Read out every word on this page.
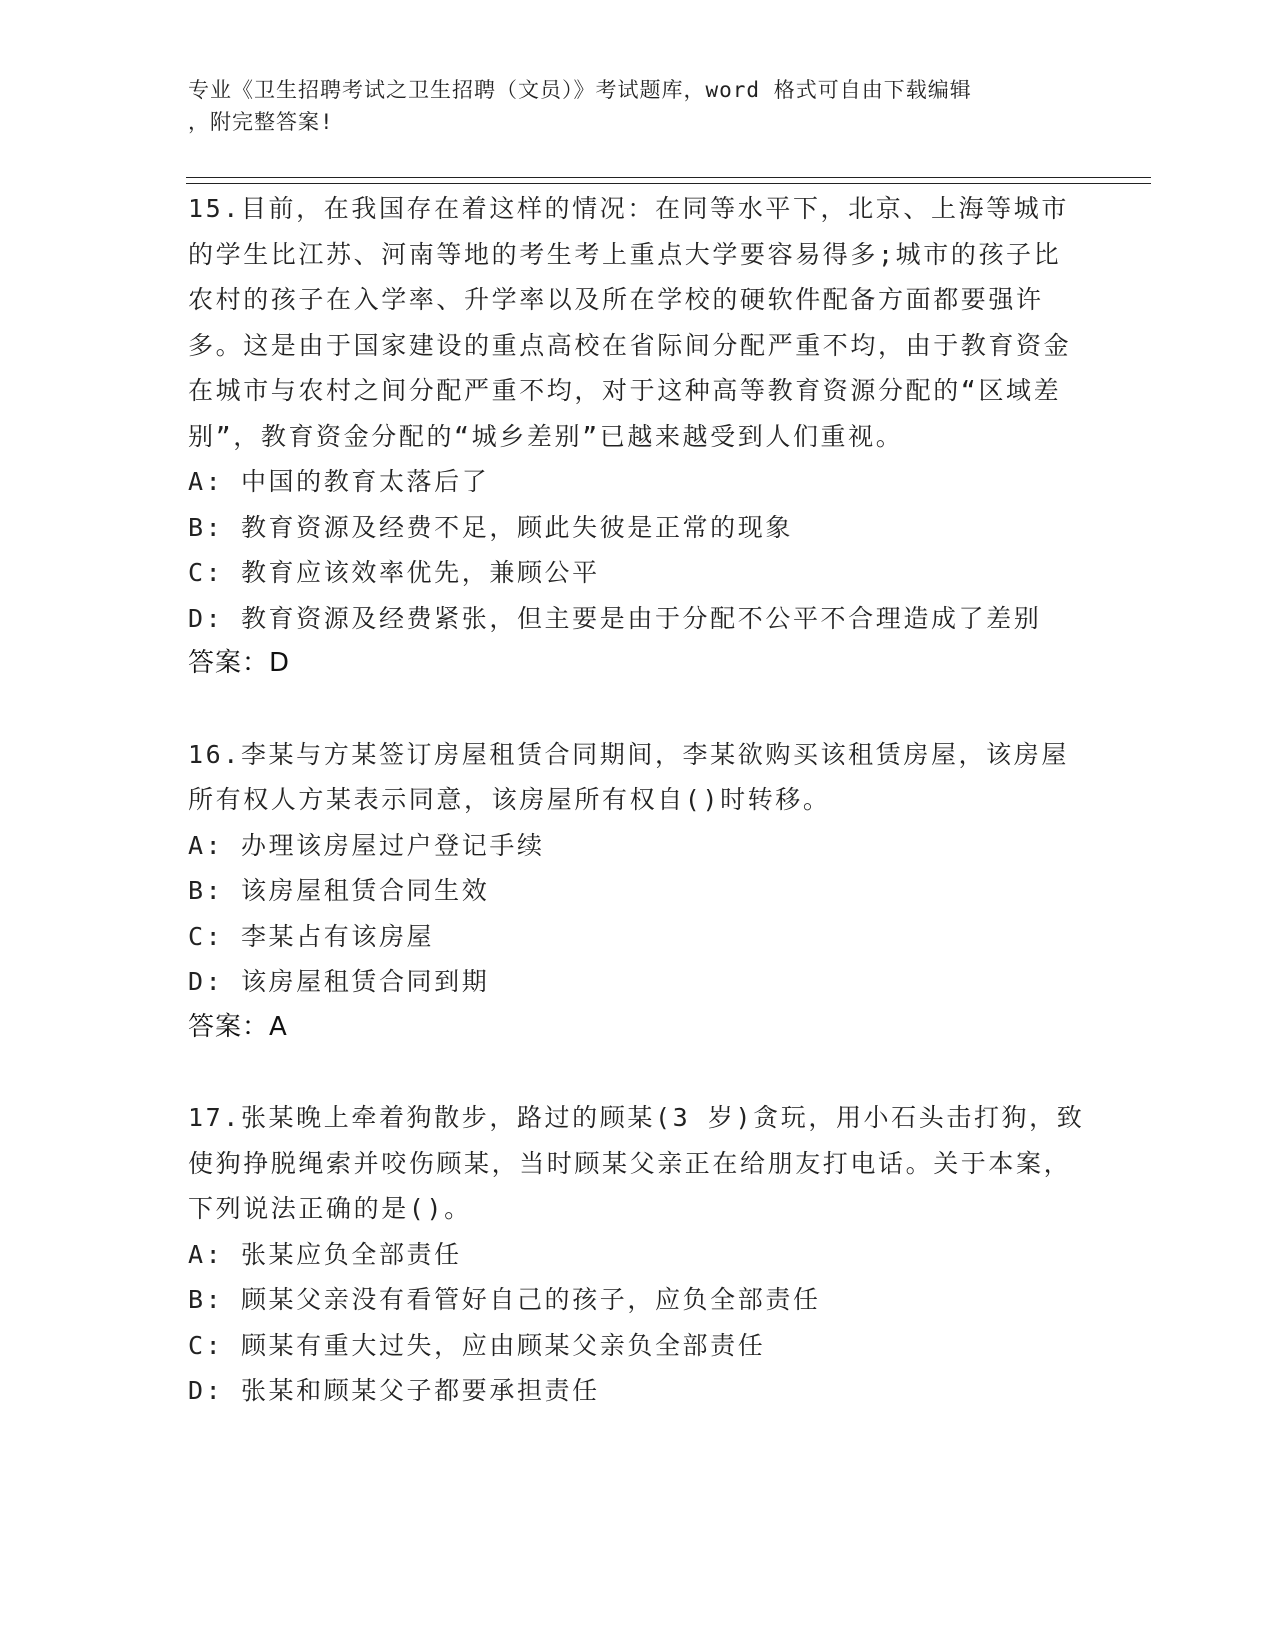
专业《卫生招聘考试之卫生招聘（文员）》考试题库，word 格式可自由下载编辑
，附完整答案!
15.目前，在我国存在着这样的情况：在同等水平下，北京、上海等城市的学生比江苏、河南等地的考生考上重点大学要容易得多;城市的孩子比农村的孩子在入学率、升学率以及所在学校的硬软件配备方面都要强许多。这是由于国家建设的重点高校在省际间分配严重不均，由于教育资金在城市与农村之间分配严重不均，对于这种高等教育资源分配的“区域差别”，教育资金分配的“城乡差别”已越来越受到人们重视。
A: 中国的教育太落后了
B: 教育资源及经费不足，顾此失彼是正常的现象
C: 教育应该效率优先，兼顾公平
D: 教育资源及经费紧张，但主要是由于分配不公平不合理造成了差别
答案：D
16.李某与方某签订房屋租赁合同期间，李某欲购买该租赁房屋，该房屋所有权人方某表示同意，该房屋所有权自()时转移。
A: 办理该房屋过户登记手续
B: 该房屋租赁合同生效
C: 李某占有该房屋
D: 该房屋租赁合同到期
答案：A
17.张某晚上牵着狗散步，路过的顾某(3 岁)贪玩，用小石头击打狗，致使狗挣脱绳索并咬伤顾某，当时顾某父亲正在给朋友打电话。关于本案，下列说法正确的是()。
A: 张某应负全部责任
B: 顾某父亲没有看管好自己的孩子，应负全部责任
C: 顾某有重大过失，应由顾某父亲负全部责任
D: 张某和顾某父子都要承担责任
